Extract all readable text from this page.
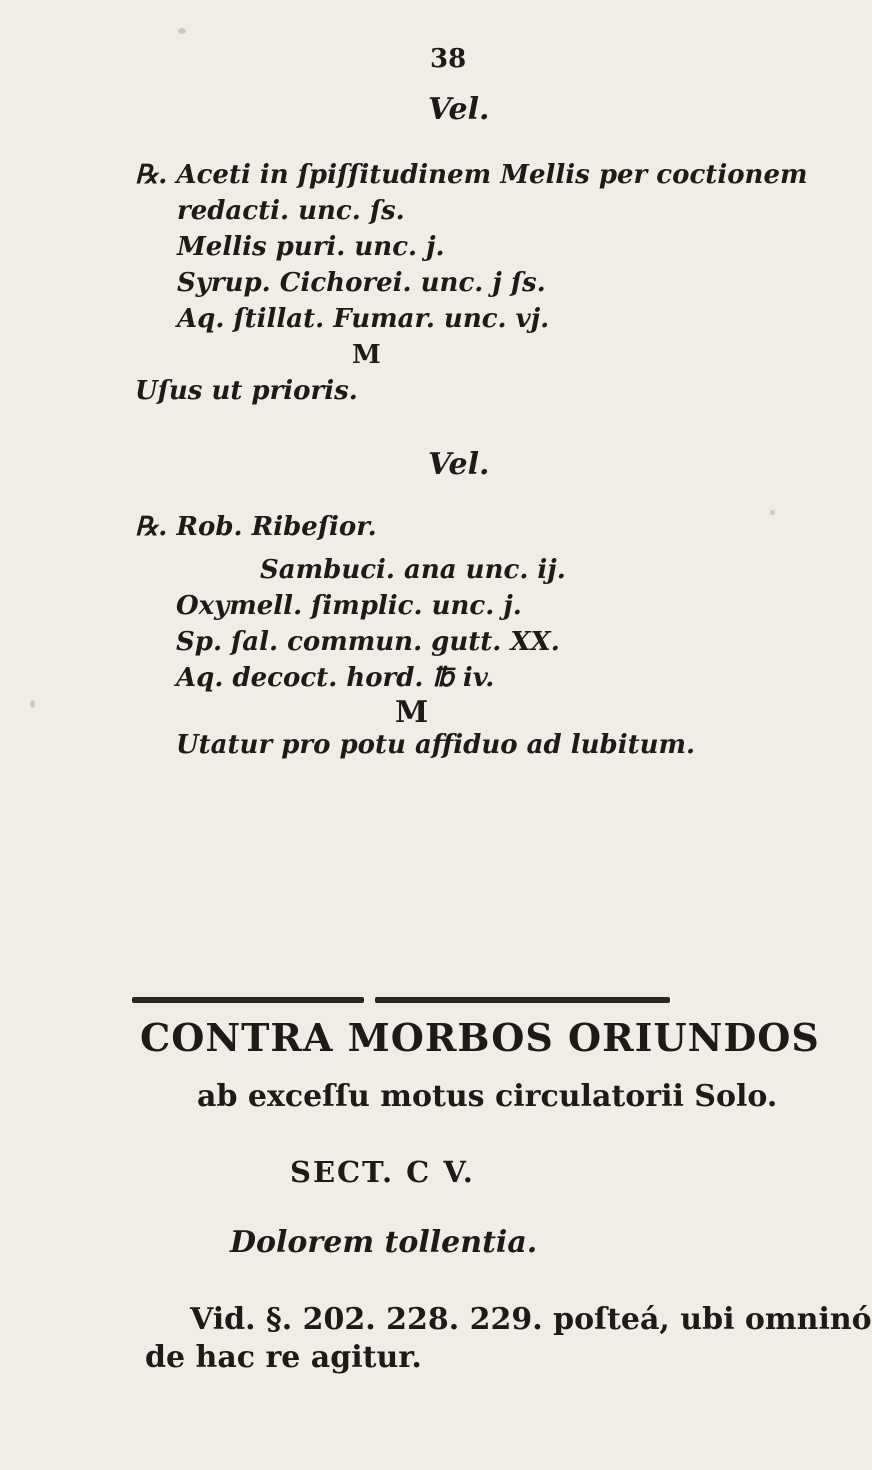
38
Vel.
℞. Aceti in ſpiſſitudinem Mellis per coctionem
redacti. unc. ſs.
Mellis puri. unc. j.
Syrup. Cichorei. unc. j ſs.
Aq. ſtillat. Fumar. unc. vj.
M
Uſus ut prioris.
Vel.
℞. Rob. Ribeſior.
Sambuci. ana unc. ij.
Oxymell. ſimplic. unc. j.
Sp. ſal. commun. gutt. XX.
Aq. decoct. hord. ℔ iv.
M
Utatur pro potu affiduo ad lubitum.
CONTRA MORBOS ORIUNDOS
ab exceſſu motus circulatorii Solo.
SECT. C V.
Dolorem tollentia.
Vid. §. 202. 228. 229. poſteá, ubi omninó
de hac re agitur.
